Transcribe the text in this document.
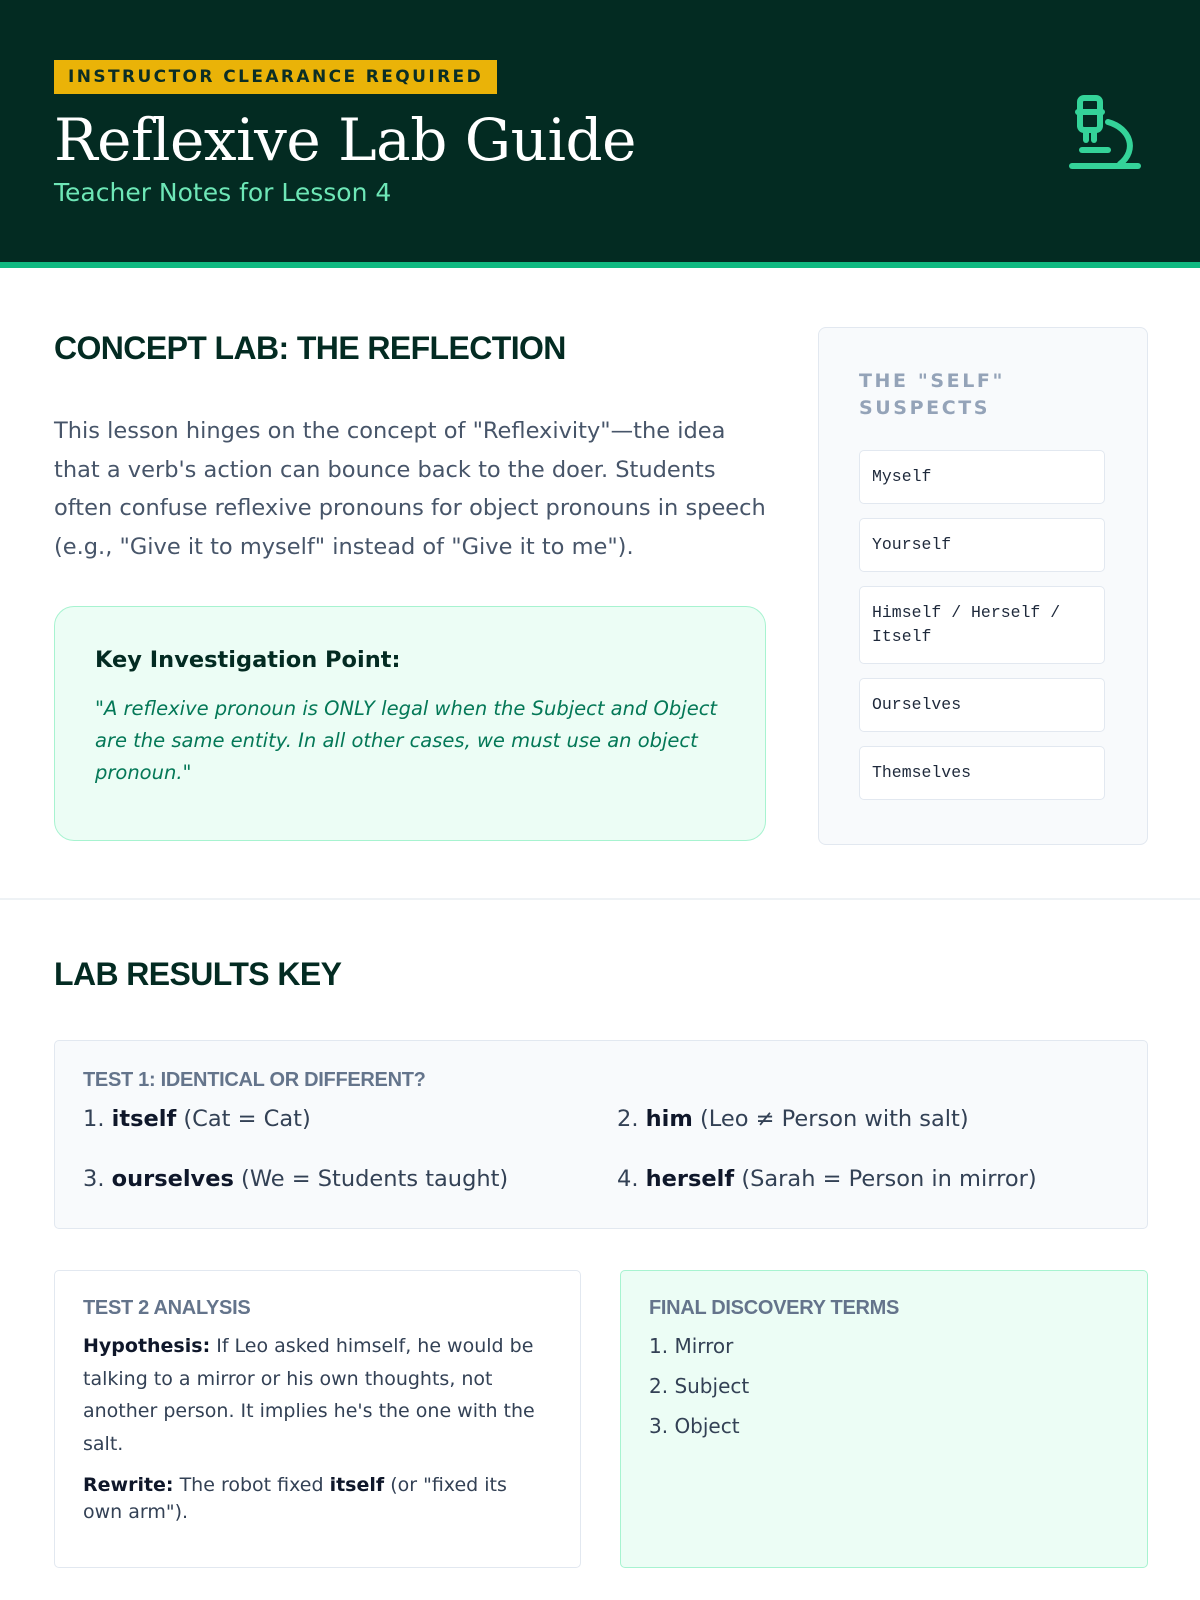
INSTRUCTOR CLEARANCE REQUIRED
Reflexive Lab Guide
Teacher Notes for Lesson 4
CONCEPT LAB: THE REFLECTION

This lesson hinges on the concept of "Reflexivity"—the idea that a verb's action can bounce back to the doer. Students often confuse reflexive pronouns for object pronouns in speech (e.g., "Give it to myself" instead of "Give it to me").

Key Investigation Point:
"A reflexive pronoun is ONLY legal when the Subject and Object are the same entity. In all other cases, we must use an object pronoun."
THE "SELF" SUSPECTS
Myself
Yourself
Himself / Herself / Itself
Ourselves
Themselves
LAB RESULTS KEY
TEST 1: IDENTICAL OR DIFFERENT?
1. itself (Cat = Cat)	2. him (Leo ≠ Person with salt)
3. ourselves (We = Students taught)	4. herself (Sarah = Person in mirror)
TEST 2 ANALYSIS

Hypothesis: If Leo asked himself, he would be talking to a mirror or his own thoughts, not another person. It implies he's the one with the salt.

Rewrite: The robot fixed itself (or "fixed its own arm").

FINAL DISCOVERY TERMS
1. Mirror
2. Subject
3. Object
